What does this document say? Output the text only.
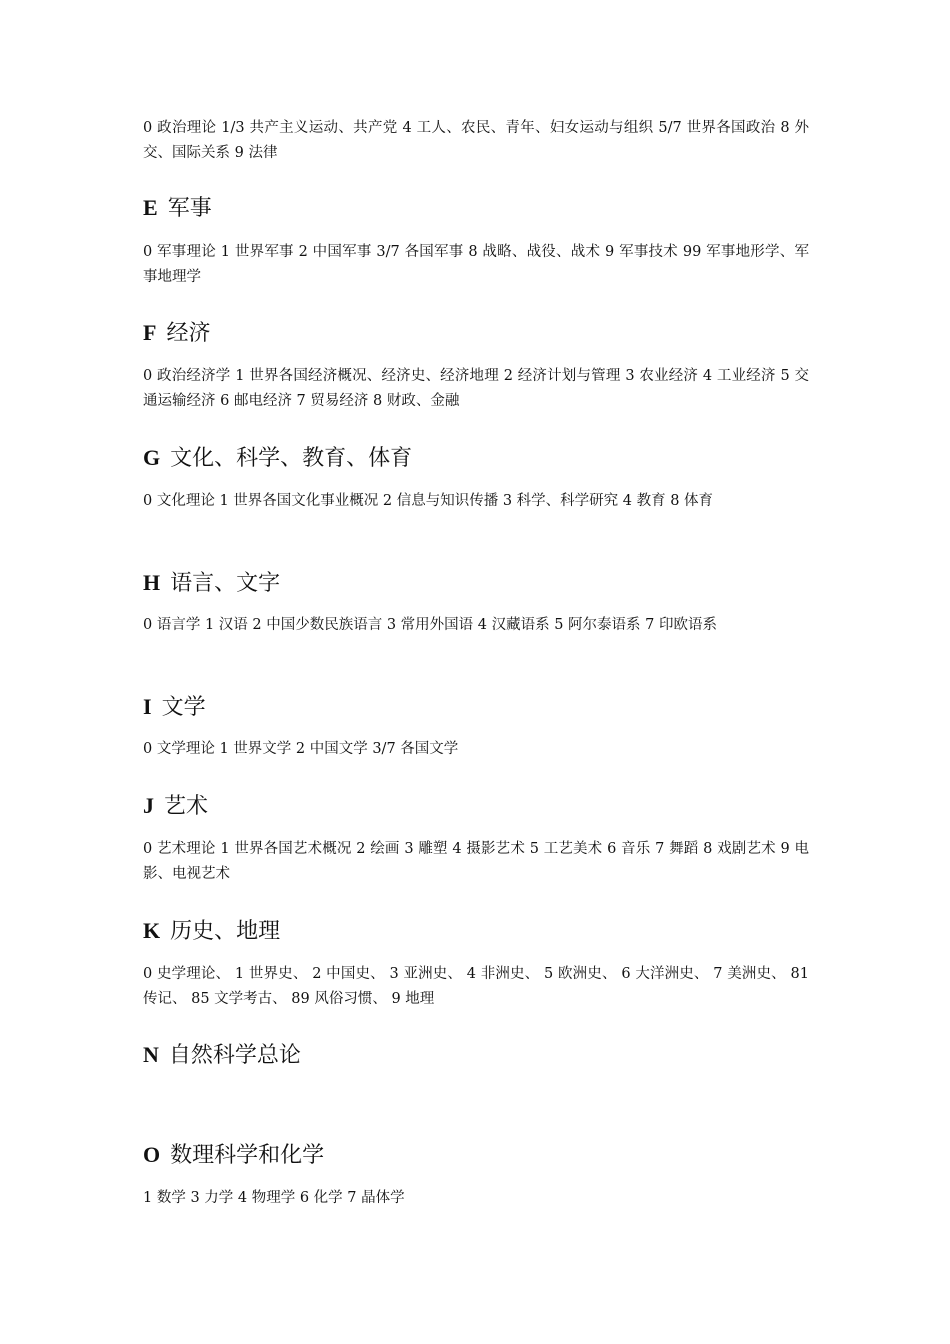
0 政治理论 1/3 共产主义运动、共产党 4 工人、农民、青年、妇女运动与组织 5/7 世界各国政治 8 外交、国际关系 9 法律

E 军事

0 军事理论 1 世界军事 2 中国军事 3/7 各国军事 8 战略、战役、战术 9 军事技术 99 军事地形学、军事地理学

F 经济

0 政治经济学 1 世界各国经济概况、经济史、经济地理 2 经济计划与管理 3 农业经济 4 工业经济 5 交通运输经济 6 邮电经济 7 贸易经济 8 财政、金融

G 文化、科学、教育、体育

0 文化理论 1 世界各国文化事业概况 2 信息与知识传播 3 科学、科学研究 4 教育 8 体育

H 语言、文字

0 语言学 1 汉语 2 中国少数民族语言 3 常用外国语 4 汉藏语系 5 阿尔泰语系 7 印欧语系

I 文学

0 文学理论 1 世界文学 2 中国文学 3/7 各国文学

J 艺术

0 艺术理论 1 世界各国艺术概况 2 绘画 3 雕塑 4 摄影艺术 5 工艺美术 6 音乐 7 舞蹈 8 戏剧艺术 9 电影、电视艺术

K 历史、地理

0 史学理论、 1 世界史、 2 中国史、 3 亚洲史、 4 非洲史、 5 欧洲史、 6 大洋洲史、 7 美洲史、 81 传记、 85 文学考古、 89 风俗习惯、 9 地理

N 自然科学总论
O 数理科学和化学

1 数学 3 力学 4 物理学 6 化学 7 晶体学
